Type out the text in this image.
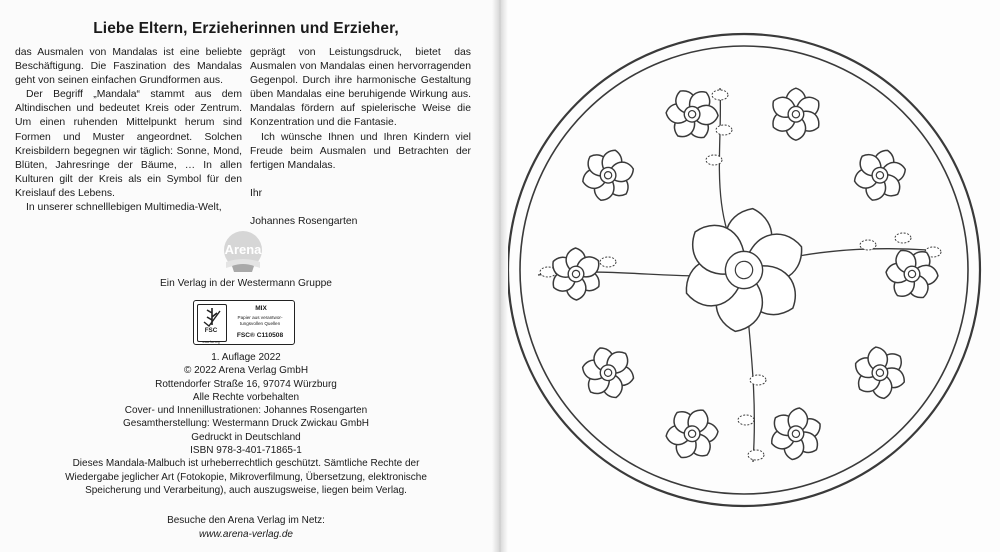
Liebe Eltern, Erzieherinnen und Erzieher,

das Ausmalen von Mandalas ist eine beliebte Beschäftigung. Die Faszination des Mandalas geht von seinen einfachen Grundformen aus.

Der Begriff „Mandala“ stammt aus dem Altindischen und bedeutet Kreis oder Zentrum. Um einen ruhenden Mittelpunkt herum sind Formen und Muster angeordnet. Solchen Kreisbildern begegnen wir täglich: Sonne, Mond, Blüten, Jahresringe der Bäume, … In allen Kulturen gilt der Kreis als ein Symbol für den Kreislauf des Lebens.

In unserer schnelllebigen Multimedia-Welt,

geprägt von Leistungsdruck, bietet das Ausmalen von Mandalas einen hervorragenden Gegenpol. Durch ihre harmonische Gestaltung üben Mandalas eine beruhigende Wirkung aus. Mandalas fördern auf spielerische Weise die Konzentration und die Fantasie.

Ich wünsche Ihnen und Ihren Kindern viel Freude beim Ausmalen und Betrachten der fertigen Mandalas.

Ihr

Johannes Rosengarten

Arena
Ein Verlag in der Westermann Gruppe
FSC
MIX
Papier aus verantwor-
tungsvollen Quellen
FSC® C110508
www.fsc.org

1. Auflage 2022

© 2022 Arena Verlag GmbH

Rottendorfer Straße 16, 97074 Würzburg

Alle Rechte vorbehalten

Cover- und Innenillustrationen: Johannes Rosengarten

Gesamtherstellung: Westermann Druck Zwickau GmbH

Gedruckt in Deutschland

ISBN 978-3-401-71865-1

Dieses Mandala-Malbuch ist urheberrechtlich geschützt. Sämtliche Rechte der

Wiedergabe jeglicher Art (Fotokopie, Mikroverfilmung, Übersetzung, elektronische

Speicherung und Verarbeitung), auch auszugsweise, liegen beim Verlag.

Besuche den Arena Verlag im Netz:

www.arena-verlag.de
